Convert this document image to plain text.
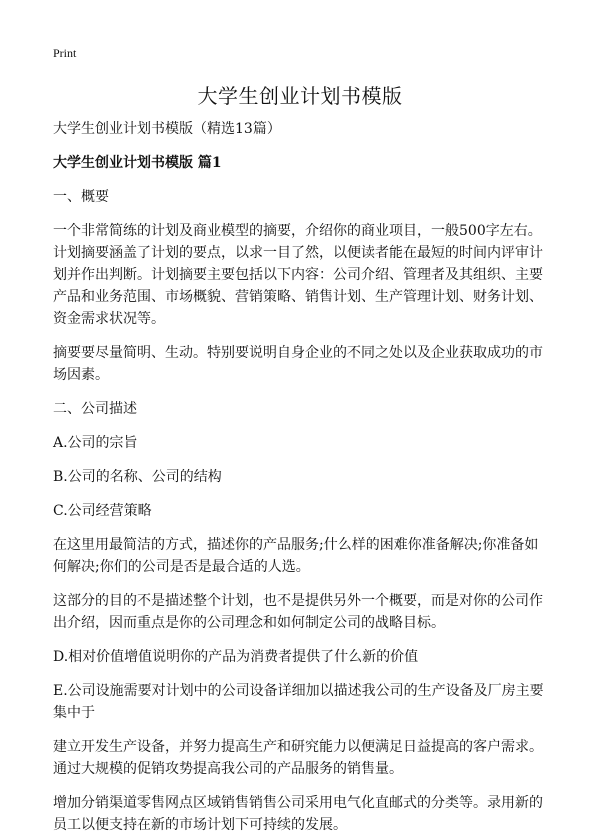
Print
大学生创业计划书模版

大学生创业计划书模版（精选13篇）

大学生创业计划书模版 篇1

一、概要

一个非常简练的计划及商业模型的摘要，介绍你的商业项目，一般500字左右。计划摘要涵盖了计划的要点，以求一目了然，以便读者能在最短的时间内评审计划并作出判断。计划摘要主要包括以下内容：公司介绍、管理者及其组织、主要产品和业务范围、市场概貌、营销策略、销售计划、生产管理计划、财务计划、资金需求状况等。

摘要要尽量简明、生动。特别要说明自身企业的不同之处以及企业获取成功的市场因素。

二、公司描述

A.公司的宗旨

B.公司的名称、公司的结构

C.公司经营策略

在这里用最简洁的方式，描述你的产品服务;什么样的困难你准备解决;你准备如何解决;你们的公司是否是最合适的人选。

这部分的目的不是描述整个计划，也不是提供另外一个概要，而是对你的公司作出介绍，因而重点是你的公司理念和如何制定公司的战略目标。

D.相对价值增值说明你的产品为消费者提供了什么新的价值

E.公司设施需要对计划中的公司设备详细加以描述我公司的生产设备及厂房主要集中于

建立开发生产设备，并努力提高生产和研究能力以便满足日益提高的客户需求。通过大规模的促销攻势提高我公司的产品服务的销售量。

增加分销渠道零售网点区域销售销售公司采用电气化直邮式的分类等。录用新的员工以便支持在新的市场计划下可持续的发展。
